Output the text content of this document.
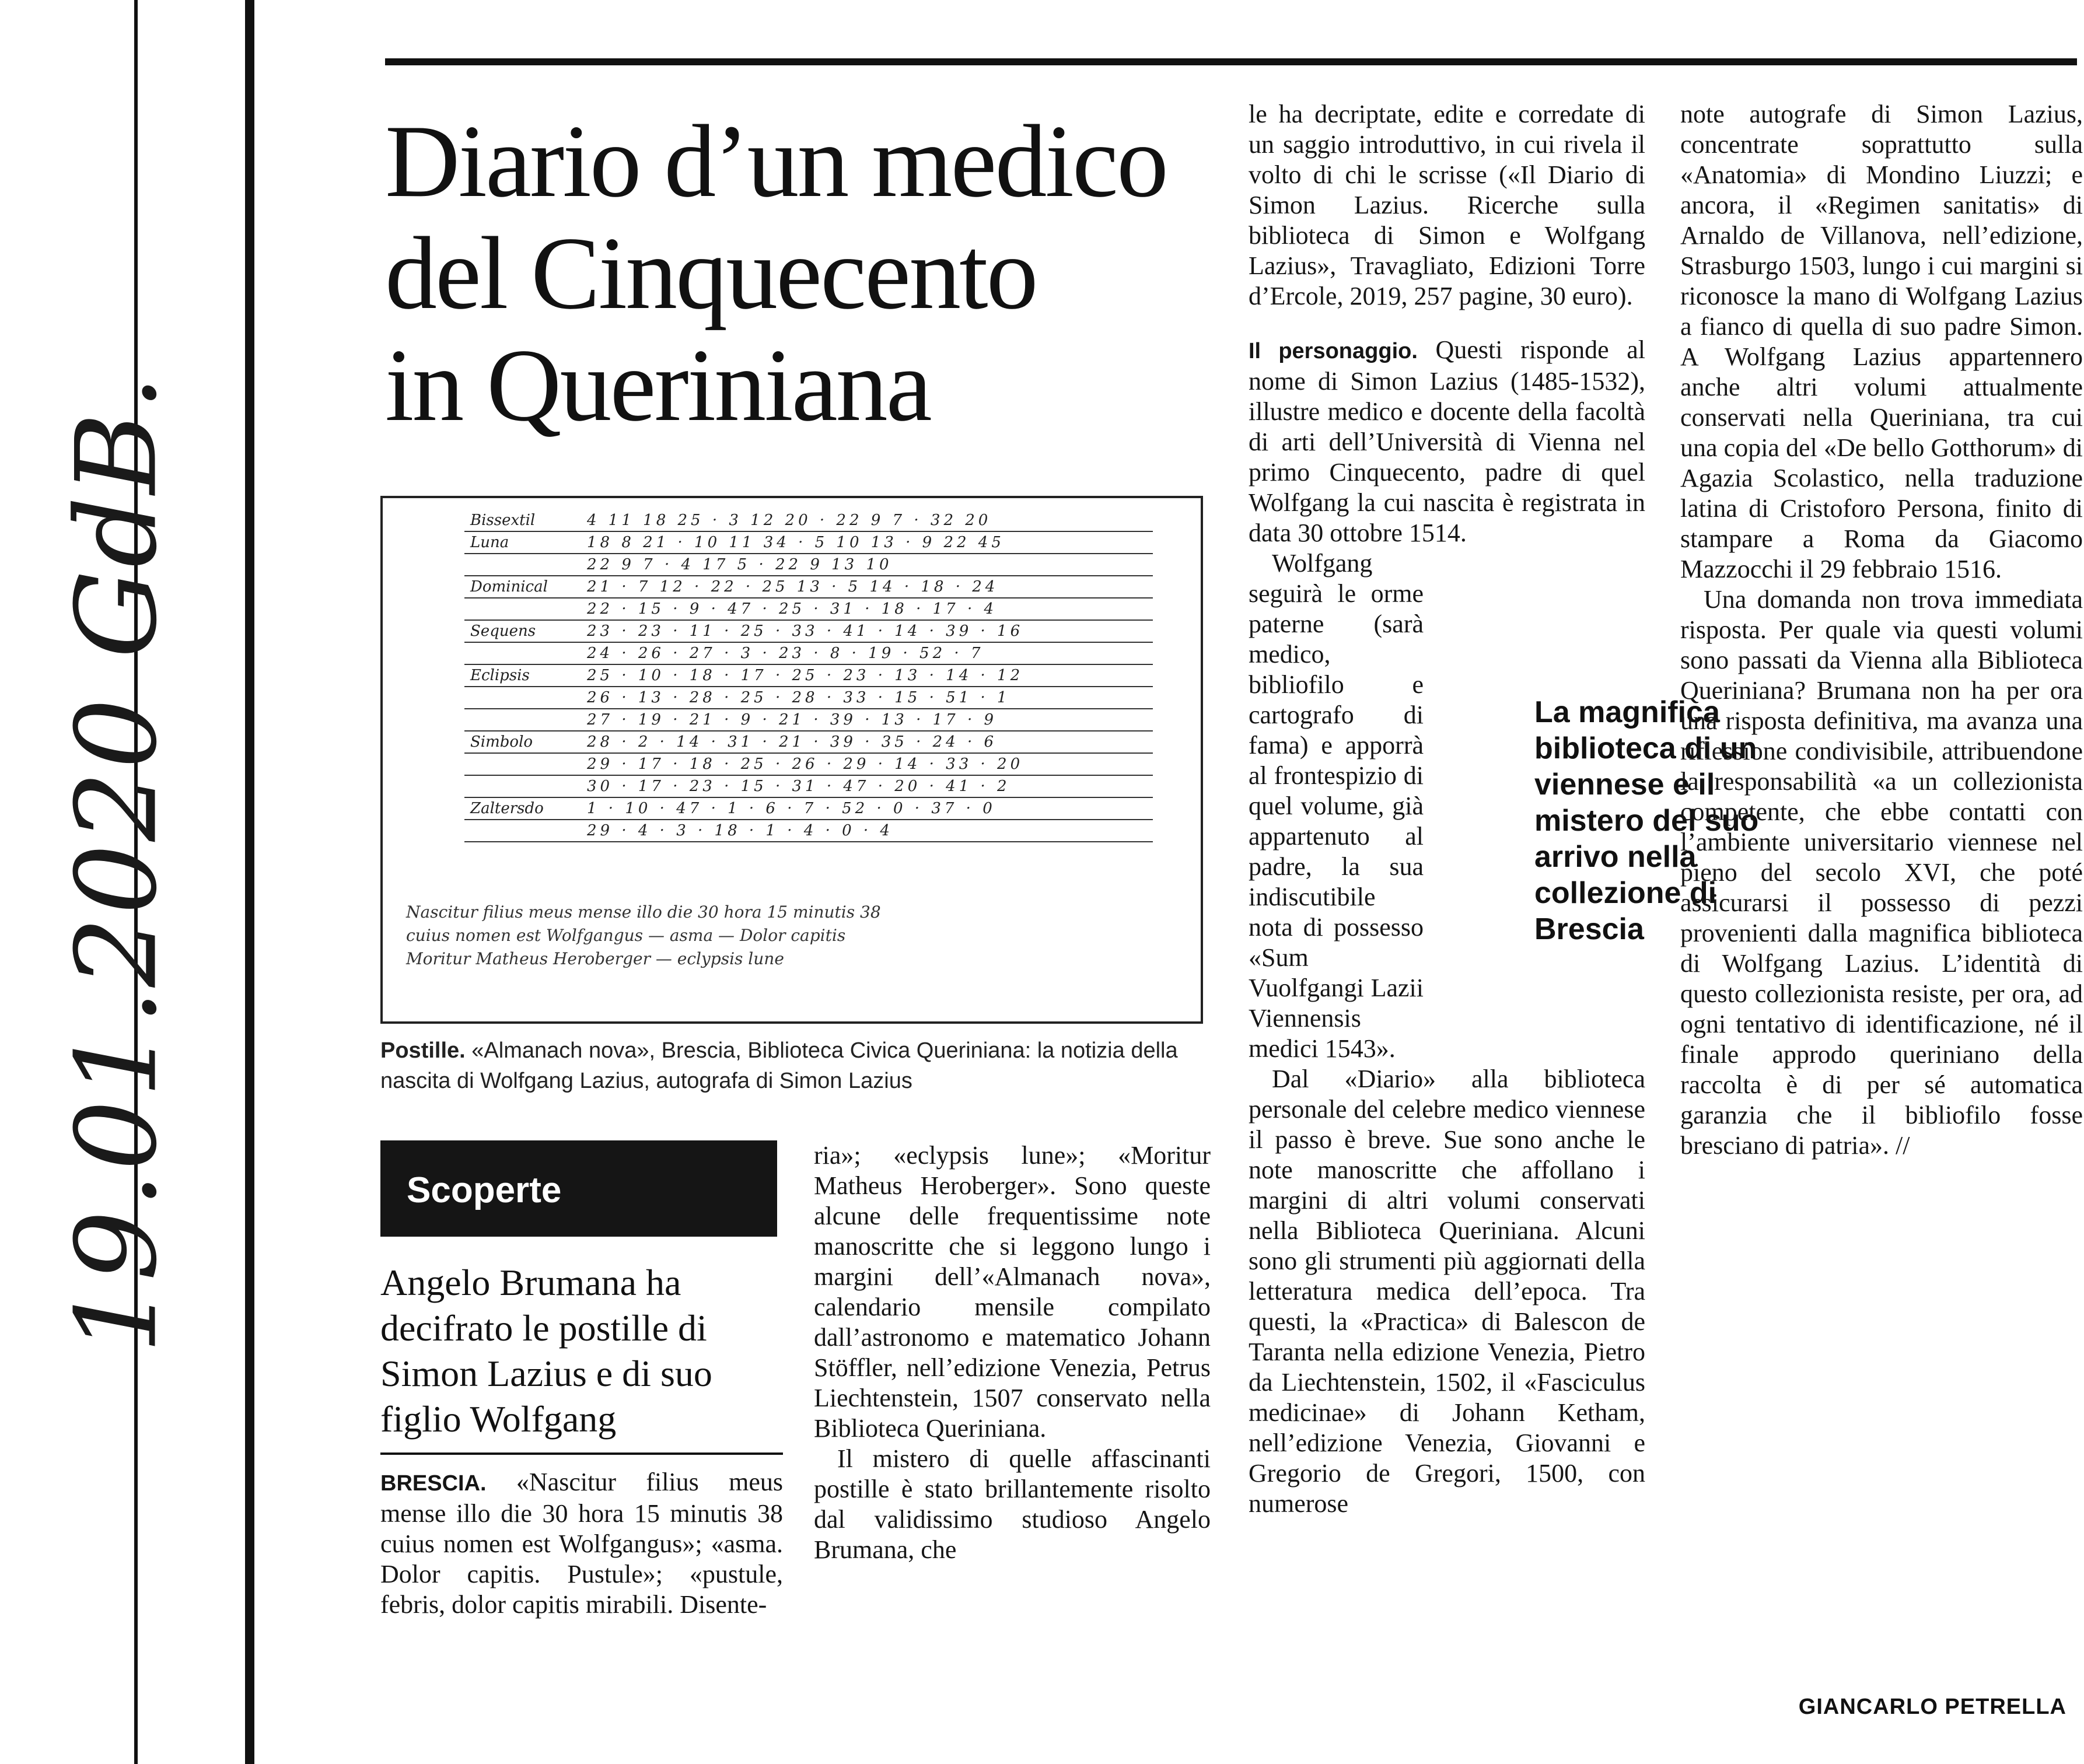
19.01.2020 GdB.
Diario d’un medico
del Cinquecento
in Queriniana
Bissextil	4 11 18 25 · 3 12 20 · 22 9 7 · 32 20
Luna	18 8 21 · 10 11 34 · 5 10 13 · 9 22 45
22 9 7 · 4 17 5 · 22 9 13 10
Dominical	21 · 7 12 · 22 · 25 13 · 5 14 · 18 · 24
22 · 15 · 9 · 47 · 25 · 31 · 18 · 17 · 4
Sequens	23 · 23 · 11 · 25 · 33 · 41 · 14 · 39 · 16
24 · 26 · 27 · 3 · 23 · 8 · 19 · 52 · 7
Eclipsis	25 · 10 · 18 · 17 · 25 · 23 · 13 · 14 · 12
26 · 13 · 28 · 25 · 28 · 33 · 15 · 51 · 1
27 · 19 · 21 · 9 · 21 · 39 · 13 · 17 · 9
Simbolo	28 · 2 · 14 · 31 · 21 · 39 · 35 · 24 · 6
29 · 17 · 18 · 25 · 26 · 29 · 14 · 33 · 20
30 · 17 · 23 · 15 · 31 · 47 · 20 · 41 · 2
Zaltersdo	1 · 10 · 47 · 1 · 6 · 7 · 52 · 0 · 37 · 0
29 · 4 · 3 · 18 · 1 · 4 · 0 · 4
Nascitur filius meus mense illo die 30 hora 15 minutis 38
cuius nomen est Wolfgangus — asma — Dolor capitis
Moritur Matheus Heroberger — eclypsis lune
Postille. «Almanach nova», Brescia, Biblioteca Civica Queriniana: la notizia della nascita di Wolfgang Lazius, autografa di Simon Lazius
Scoperte
Angelo Brumana ha decifrato le postille di Simon Lazius e di suo figlio Wolfgang

BRESCIA. «Nascitur filius meus mense illo die 30 hora 15 minutis 38 cuius nomen est Wolfgangus»; «asma. Dolor capitis. Pustule»; «pustule, febris, dolor capitis mirabili. Disente-

ria»; «eclypsis lune»; «Moritur Matheus Heroberger». Sono queste alcune delle frequentissime note manoscritte che si leggono lungo i margini dell’«Almanach nova», calendario mensile compilato dall’astronomo e matematico Johann Stöffler, nell’edizione Venezia, Petrus Liechtenstein, 1507 conservato nella Biblioteca Queriniana.

Il mistero di quelle affascinanti postille è stato brillantemente risolto dal validissimo studioso Angelo Brumana, che

le ha decriptate, edite e corredate di un saggio introduttivo, in cui rivela il volto di chi le scrisse («Il Diario di Simon Lazius. Ricerche sulla biblioteca di Simon e Wolfgang Lazius», Travagliato, Edizioni Torre d’Ercole, 2019, 257 pagine, 30 euro).

Il personaggio. Questi risponde al nome di Simon Lazius (1485-1532), illustre medico e docente della facoltà di arti dell’Università di Vienna nel primo Cinquecento, padre di quel Wolfgang la cui nascita è registrata in data 30 ottobre 1514.

Wolfgang seguirà le orme paterne (sarà medico, bibliofilo e cartografo di fama) e apporrà al frontespizio di quel volume, già appartenuto al padre, la sua indiscutibile nota di possesso «Sum Vuolfgangi Lazii Viennensis medici 1543».

Dal «Diario» alla biblioteca personale del celebre medico viennese il passo è breve. Sue sono anche le note manoscritte che affollano i margini di altri volumi conservati nella Biblioteca Queriniana. Alcuni sono gli strumenti più aggiornati della letteratura medica dell’epoca. Tra questi, la «Practica» di Balescon de Taranta nella edizione Venezia, Pietro da Liechtenstein, 1502, il «Fasciculus medicinae» di Johann Ketham, nell’edizione Venezia, Giovanni e Gregorio de Gregori, 1500, con numerose

La magnifica biblioteca di un viennese e il mistero del suo arrivo nella collezione di Brescia

note autografe di Simon Lazius, concentrate soprattutto sulla «Anatomia» di Mondino Liuzzi; e ancora, il «Regimen sanitatis» di Arnaldo de Villanova, nell’edizione, Strasburgo 1503, lungo i cui margini si riconosce la mano di Wolfgang Lazius a fianco di quella di suo padre Simon. A Wolfgang Lazius appartennero anche altri volumi attualmente conservati nella Queriniana, tra cui una copia del «De bello Gotthorum» di Agazia Scolastico, nella traduzione latina di Cristoforo Persona, finito di stampare a Roma da Giacomo Mazzocchi il 29 febbraio 1516.

Una domanda non trova immediata risposta. Per quale via questi volumi sono passati da Vienna alla Biblioteca Queriniana? Brumana non ha per ora una risposta definitiva, ma avanza una riflessione condivisibile, attribuendone la responsabilità «a un collezionista competente, che ebbe contatti con l’ambiente universitario viennese nel pieno del secolo XVI, che poté assicurarsi il possesso di pezzi provenienti dalla magnifica biblioteca di Wolfgang Lazius. L’identità di questo collezionista resiste, per ora, ad ogni tentativo di identificazione, né il finale approdo queriniano della raccolta è di per sé automatica garanzia che il bibliofilo fosse bresciano di patria». //

GIANCARLO PETRELLA
